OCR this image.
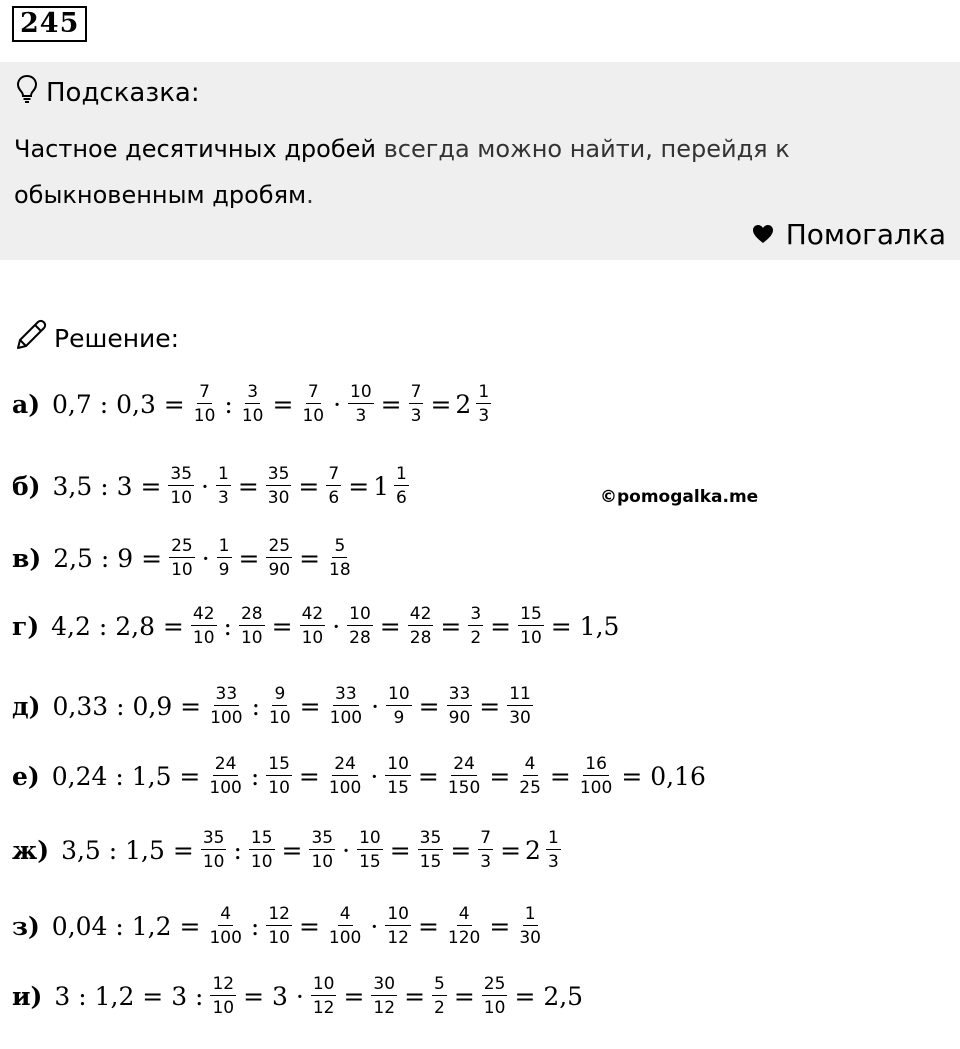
245
Подсказка:
Частное десятичных дробей всегда можно найти, перейдя к
обыкновенным дробям.
Помогалка
Решение:
©pomogalka.me
а) 0,7 : $0,3 = \frac{7}{10}$ : $\frac{3}{10} = \frac{7}{10} \cdot \frac{10}{3} = \frac{7}{3} = 2 \frac{1}{3}$
б) 3,5 : $3 = \frac{35}{10} \cdot \frac{1}{3} = \frac{35}{30} = \frac{7}{6} = 1 \frac{1}{6}$
в) 2,5 : $9 = \frac{25}{10} \cdot \frac{1}{9} = \frac{25}{90} = \frac{5}{18}$
г) 4,2 : $2,8 = \frac{42}{10}$ : $\frac{28}{10} = \frac{42}{10} \cdot \frac{10}{28} = \frac{42}{28} = \frac{3}{2} = \frac{15}{10} = 1,5$
д) 0,33 : $0,9 = \frac{33}{100}$ : $\frac{9}{10} = \frac{33}{100} \cdot \frac{10}{9} = \frac{33}{90} = \frac{11}{30}$
е) 0,24 : $1,5 = \frac{24}{100}$ : $\frac{15}{10} = \frac{24}{100} \cdot \frac{10}{15} = \frac{24}{150} = \frac{4}{25} = \frac{16}{100} = 0,16$
ж) 3,5 : $1,5 = \frac{35}{10}$ : $\frac{15}{10} = \frac{35}{10} \cdot \frac{10}{15} = \frac{35}{15} = \frac{7}{3} = 2 \frac{1}{3}$
з) 0,04 : $1,2 = \frac{4}{100}$ : $\frac{12}{10} = \frac{4}{100} \cdot \frac{10}{12} = \frac{4}{120} = \frac{1}{30}$
и) 3 : 1,2 = 3 : $\frac{12}{10} = 3 \cdot \frac{10}{12} = \frac{30}{12} = \frac{5}{2} = \frac{25}{10} = 2,5$
